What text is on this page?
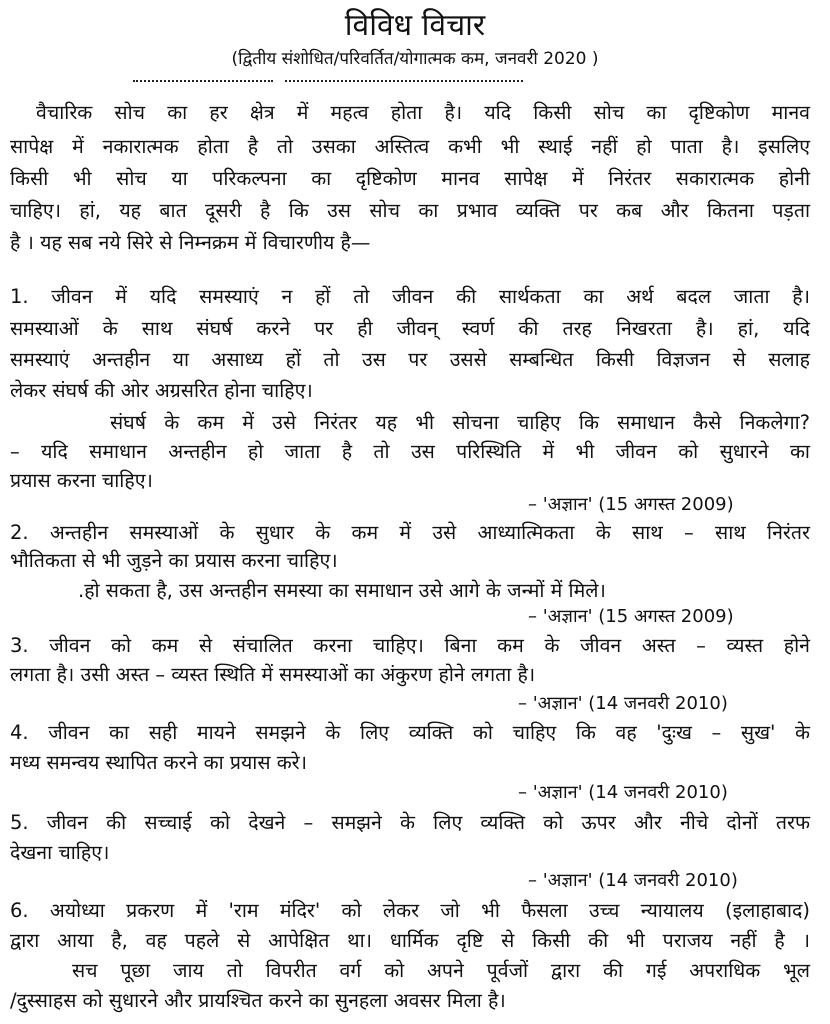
विविध विचार
(द्वितीय संशोधित/परिवर्तित/योगात्मक कम, जनवरी 2020 )
वैचारिक सोच का हर क्षेत्र में महत्व होता है। यदि किसी सोच का दृष्टिकोण मानव
सापेक्ष में नकारात्मक होता है तो उसका अस्तित्व कभी भी स्थाई नहीं हो पाता है। इसलिए
किसी भी सोच या परिकल्पना का दृष्टिकोण मानव सापेक्ष में निरंतर सकारात्मक होनी
चाहिए। हां, यह बात दूसरी है कि उस सोच का प्रभाव व्यक्ति पर कब और कितना पड़ता
है । यह सब नये सिरे से निम्नक्रम में विचारणीय है—
1. जीवन में यदि समस्याएं न हों तो जीवन की सार्थकता का अर्थ बदल जाता है।
समस्याओं के साथ संघर्ष करने पर ही जीवन् स्वर्ण की तरह निखरता है। हां, यदि
समस्याएं अन्तहीन या असाध्य हों तो उस पर उससे सम्बन्धित किसी विज्ञजन से सलाह
लेकर संघर्ष की ओर अग्रसरित होना चाहिए।
संघर्ष के कम में उसे निरंतर यह भी सोचना चाहिए कि समाधान कैसे निकलेगा?
– यदि समाधान अन्तहीन हो जाता है तो उस परिस्थिति में भी जीवन को सुधारने का
प्रयास करना चाहिए।
– 'अज्ञान' (15 अगस्त 2009)
2. अन्तहीन समस्याओं के सुधार के कम में उसे आध्यात्मिकता के साथ – साथ निरंतर
भौतिकता से भी जुड़ने का प्रयास करना चाहिए।
.हो सकता है, उस अन्तहीन समस्या का समाधान उसे आगे के जन्मों में मिले।
– 'अज्ञान' (15 अगस्त 2009)
3. जीवन को कम से संचालित करना चाहिए। बिना कम के जीवन अस्त – व्यस्त होने
लगता है। उसी अस्त – व्यस्त स्थिति में समस्याओं का अंकुरण होने लगता है।
– 'अज्ञान' (14 जनवरी 2010)
4. जीवन का सही मायने समझने के लिए व्यक्ति को चाहिए कि वह 'दुःख – सुख' के
मध्य समन्वय स्थापित करने का प्रयास करे।
– 'अज्ञान' (14 जनवरी 2010)
5. जीवन की सच्चाई को देखने – समझने के लिए व्यक्ति को ऊपर और नीचे दोनों तरफ
देखना चाहिए।
– 'अज्ञान' (14 जनवरी 2010)
6. अयोध्या प्रकरण में 'राम मंदिर' को लेकर जो भी फैसला उच्च न्यायालय (इलाहाबाद)
द्वारा आया है, वह पहले से आपेक्षित था। धार्मिक दृष्टि से किसी की भी पराजय नहीं है ।
सच पूछा जाय तो विपरीत वर्ग को अपने पूर्वजों द्वारा की गई अपराधिक भूल
/दुस्साहस को सुधारने और प्रायश्चित करने का सुनहला अवसर मिला है।
